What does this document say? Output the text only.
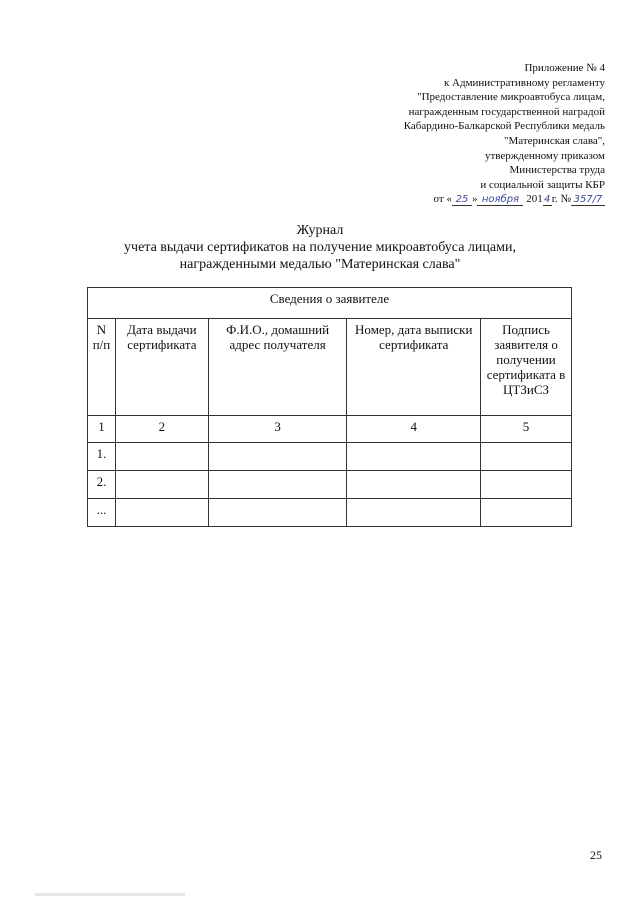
Приложение № 4
к Административному регламенту
"Предоставление микроавтобуса лицам,
награжденным государственной наградой
Кабардино-Балкарской Республики медаль
"Материнская слава",
утвержденному приказом
Министерства труда
и социальной защиты КБР
от « 25 » ноября 2014г. № 357/7
Журнал
учета выдачи сертификатов на получение микроавтобуса лицами,
награжденными медалью "Материнская слава"
Сведения о заявителе				
N п/п	Дата выдачи сертификата	Ф.И.О., домашний адрес получателя	Номер, дата выписки сертификата	Подпись заявителя о получении сертификата в ЦТЗиСЗ
1	2	3	4	5
1.				
2.				
...				
25
